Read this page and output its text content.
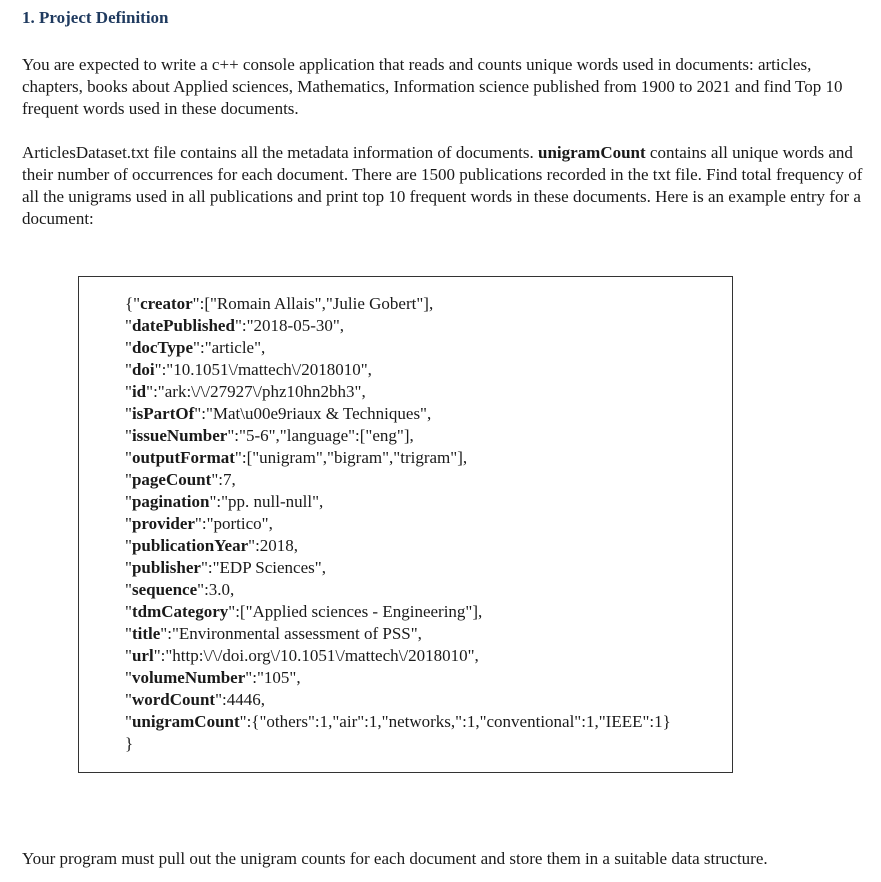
1. Project Definition

You are expected to write a c++ console application that reads and counts unique words used in documents: articles, chapters, books about Applied sciences, Mathematics, Information science published from 1900 to 2021 and find Top 10 frequent words used in these documents.

ArticlesDataset.txt file contains all the metadata information of documents. unigramCount contains all unique words and their number of occurrences for each document. There are 1500 publications recorded in the txt file. Find total frequency of all the unigrams used in all publications and print top 10 frequent words in these documents. Here is an example entry for a document:

{"creator":["Romain Allais","Julie Gobert"],
"datePublished":"2018-05-30",
"docType":"article",
"doi":"10.1051\/mattech\/2018010",
"id":"ark:\/\/27927\/phz10hn2bh3",
"isPartOf":"Mat\u00e9riaux & Techniques",
"issueNumber":"5-6","language":["eng"],
"outputFormat":["unigram","bigram","trigram"],
"pageCount":7,
"pagination":"pp. null-null",
"provider":"portico",
"publicationYear":2018,
"publisher":"EDP Sciences",
"sequence":3.0,
"tdmCategory":["Applied sciences - Engineering"],
"title":"Environmental assessment of PSS",
"url":"http:\/\/doi.org\/10.1051\/mattech\/2018010",
"volumeNumber":"105",
"wordCount":4446,
"unigramCount":{"others":1,"air":1,"networks,":1,"conventional":1,"IEEE":1}
}

Your program must pull out the unigram counts for each document and store them in a suitable data structure.
